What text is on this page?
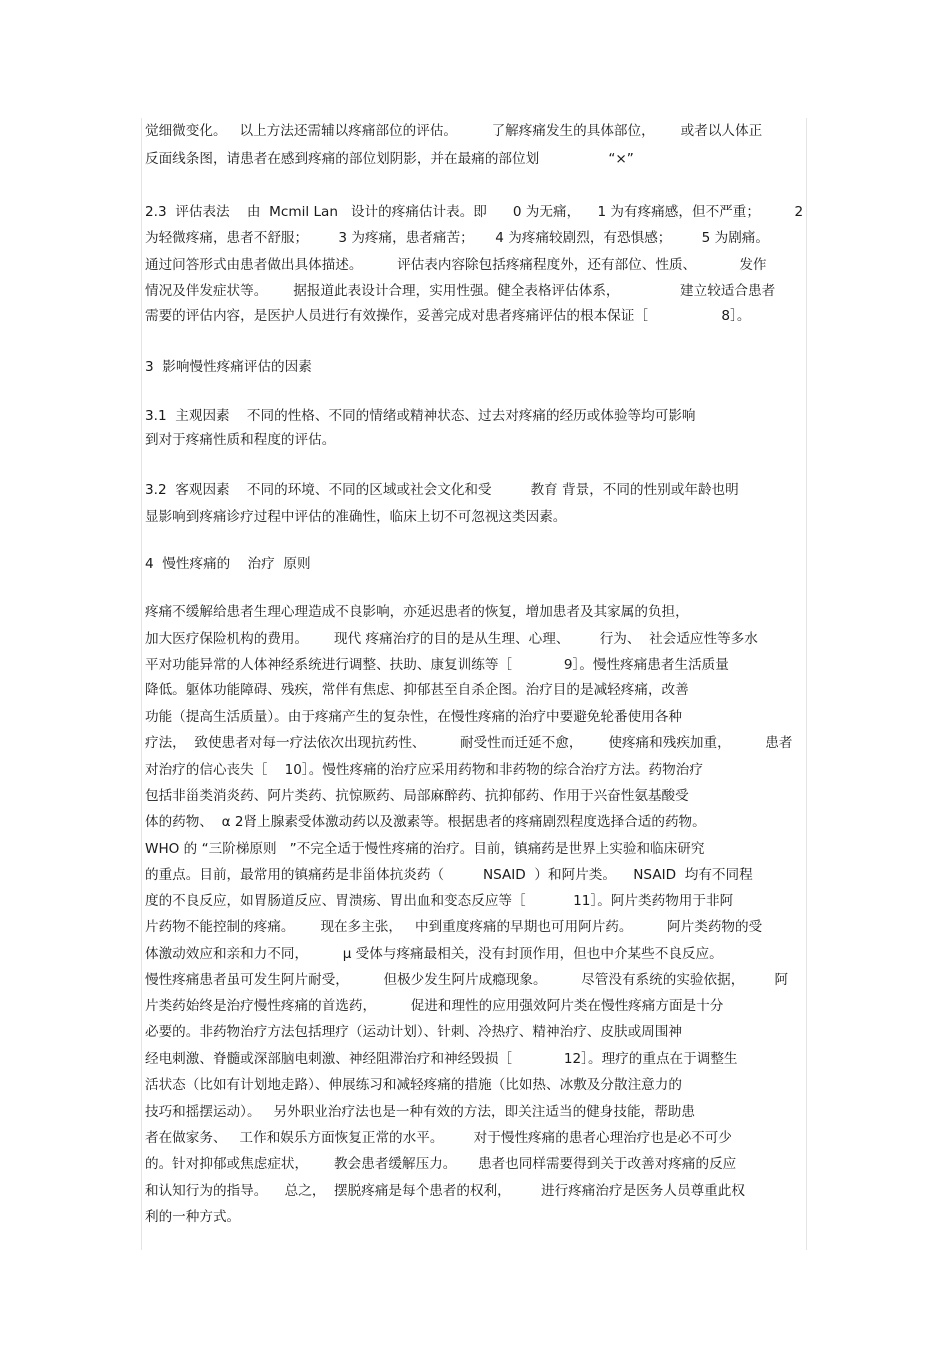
觉细微变化。   以上方法还需辅以疼痛部位的评估。        了解疼痛发生的具体部位，      或者以人体正
反面线条图，请患者在感到疼痛的部位划阴影，并在最痛的部位划                “×”
2.3  评估表法    由  Mcmil Lan   设计的疼痛估计表。即      0 为无痛，    1 为有疼痛感，但不严重；        2
为轻微疼痛，患者不舒服；       3 为疼痛，患者痛苦；     4 为疼痛较剧烈，有恐惧感；       5 为剧痛。
通过问答形式由患者做出具体描述。        评估表内容除包括疼痛程度外，还有部位、性质、          发作
情况及伴发症状等。      据报道此表设计合理，实用性强。健全表格评估体系，              建立较适合患者
需要的评估内容，是医护人员进行有效操作，妥善完成对患者疼痛评估的根本保证［                 8］。
3  影响慢性疼痛评估的因素
3.1  主观因素    不同的性格、不同的情绪或精神状态、过去对疼痛的经历或体验等均可影响
到对于疼痛性质和程度的评估。
3.2  客观因素    不同的环境、不同的区域或社会文化和受         教育 背景，不同的性别或年龄也明
显影响到疼痛诊疗过程中评估的准确性，临床上切不可忽视这类因素。
4  慢性疼痛的    治疗  原则
疼痛不缓解给患者生理心理造成不良影响，亦延迟患者的恢复，增加患者及其家属的负担，
加大医疗保险机构的费用。      现代 疼痛治疗的目的是从生理、心理、       行为、  社会适应性等多水
平对功能异常的人体神经系统进行调整、扶助、康复训练等［            9］。慢性疼痛患者生活质量
降低。躯体功能障碍、残疾，常伴有焦虑、抑郁甚至自杀企图。治疗目的是减轻疼痛，改善
功能（提高生活质量）。由于疼痛产生的复杂性，在慢性疼痛的治疗中要避免轮番使用各种
疗法，  致使患者对每一疗法依次出现抗药性、        耐受性而迁延不愈，      使疼痛和残疾加重，        患者
对治疗的信心丧失［    10］。慢性疼痛的治疗应采用药物和非药物的综合治疗方法。药物治疗
包括非甾类消炎药、阿片类药、抗惊厥药、局部麻醉药、抗抑郁药、作用于兴奋性氨基酸受
体的药物、  α 2肾上腺素受体激动药以及激素等。根据患者的疼痛剧烈程度选择合适的药物。
WHO 的 “三阶梯原则   ”不完全适于慢性疼痛的治疗。目前，镇痛药是世界上实验和临床研究
的重点。目前，最常用的镇痛药是非甾体抗炎药（         NSAID  ）和阿片类。    NSAID  均有不同程
度的不良反应，如胃肠道反应、胃溃疡、胃出血和变态反应等［           11］。阿片类药物用于非阿
片药物不能控制的疼痛。      现在多主张，   中到重度疼痛的早期也可用阿片药。        阿片类药物的受
体激动效应和亲和力不同，        μ 受体与疼痛最相关，没有封顶作用，但也中介某些不良反应。
慢性疼痛患者虽可发生阿片耐受，        但极少发生阿片成瘾现象。        尽管没有系统的实验依据，       阿
片类药始终是治疗慢性疼痛的首选药，        促进和理性的应用强效阿片类在慢性疼痛方面是十分
必要的。非药物治疗方法包括理疗（运动计划）、针刺、冷热疗、精神治疗、皮肤或周围神
经电刺激、脊髓或深部脑电刺激、神经阻滞治疗和神经毁损［            12］。理疗的重点在于调整生
活状态（比如有计划地走路）、伸展练习和减轻疼痛的措施（比如热、冰敷及分散注意力的
技巧和摇摆运动）。   另外职业治疗法也是一种有效的方法，即关注适当的健身技能，帮助患
者在做家务、   工作和娱乐方面恢复正常的水平。       对于慢性疼痛的患者心理治疗也是必不可少
的。针对抑郁或焦虑症状，      教会患者缓解压力。     患者也同样需要得到关于改善对疼痛的反应
和认知行为的指导。    总之，  摆脱疼痛是每个患者的权利，       进行疼痛治疗是医务人员尊重此权
利的一种方式。
